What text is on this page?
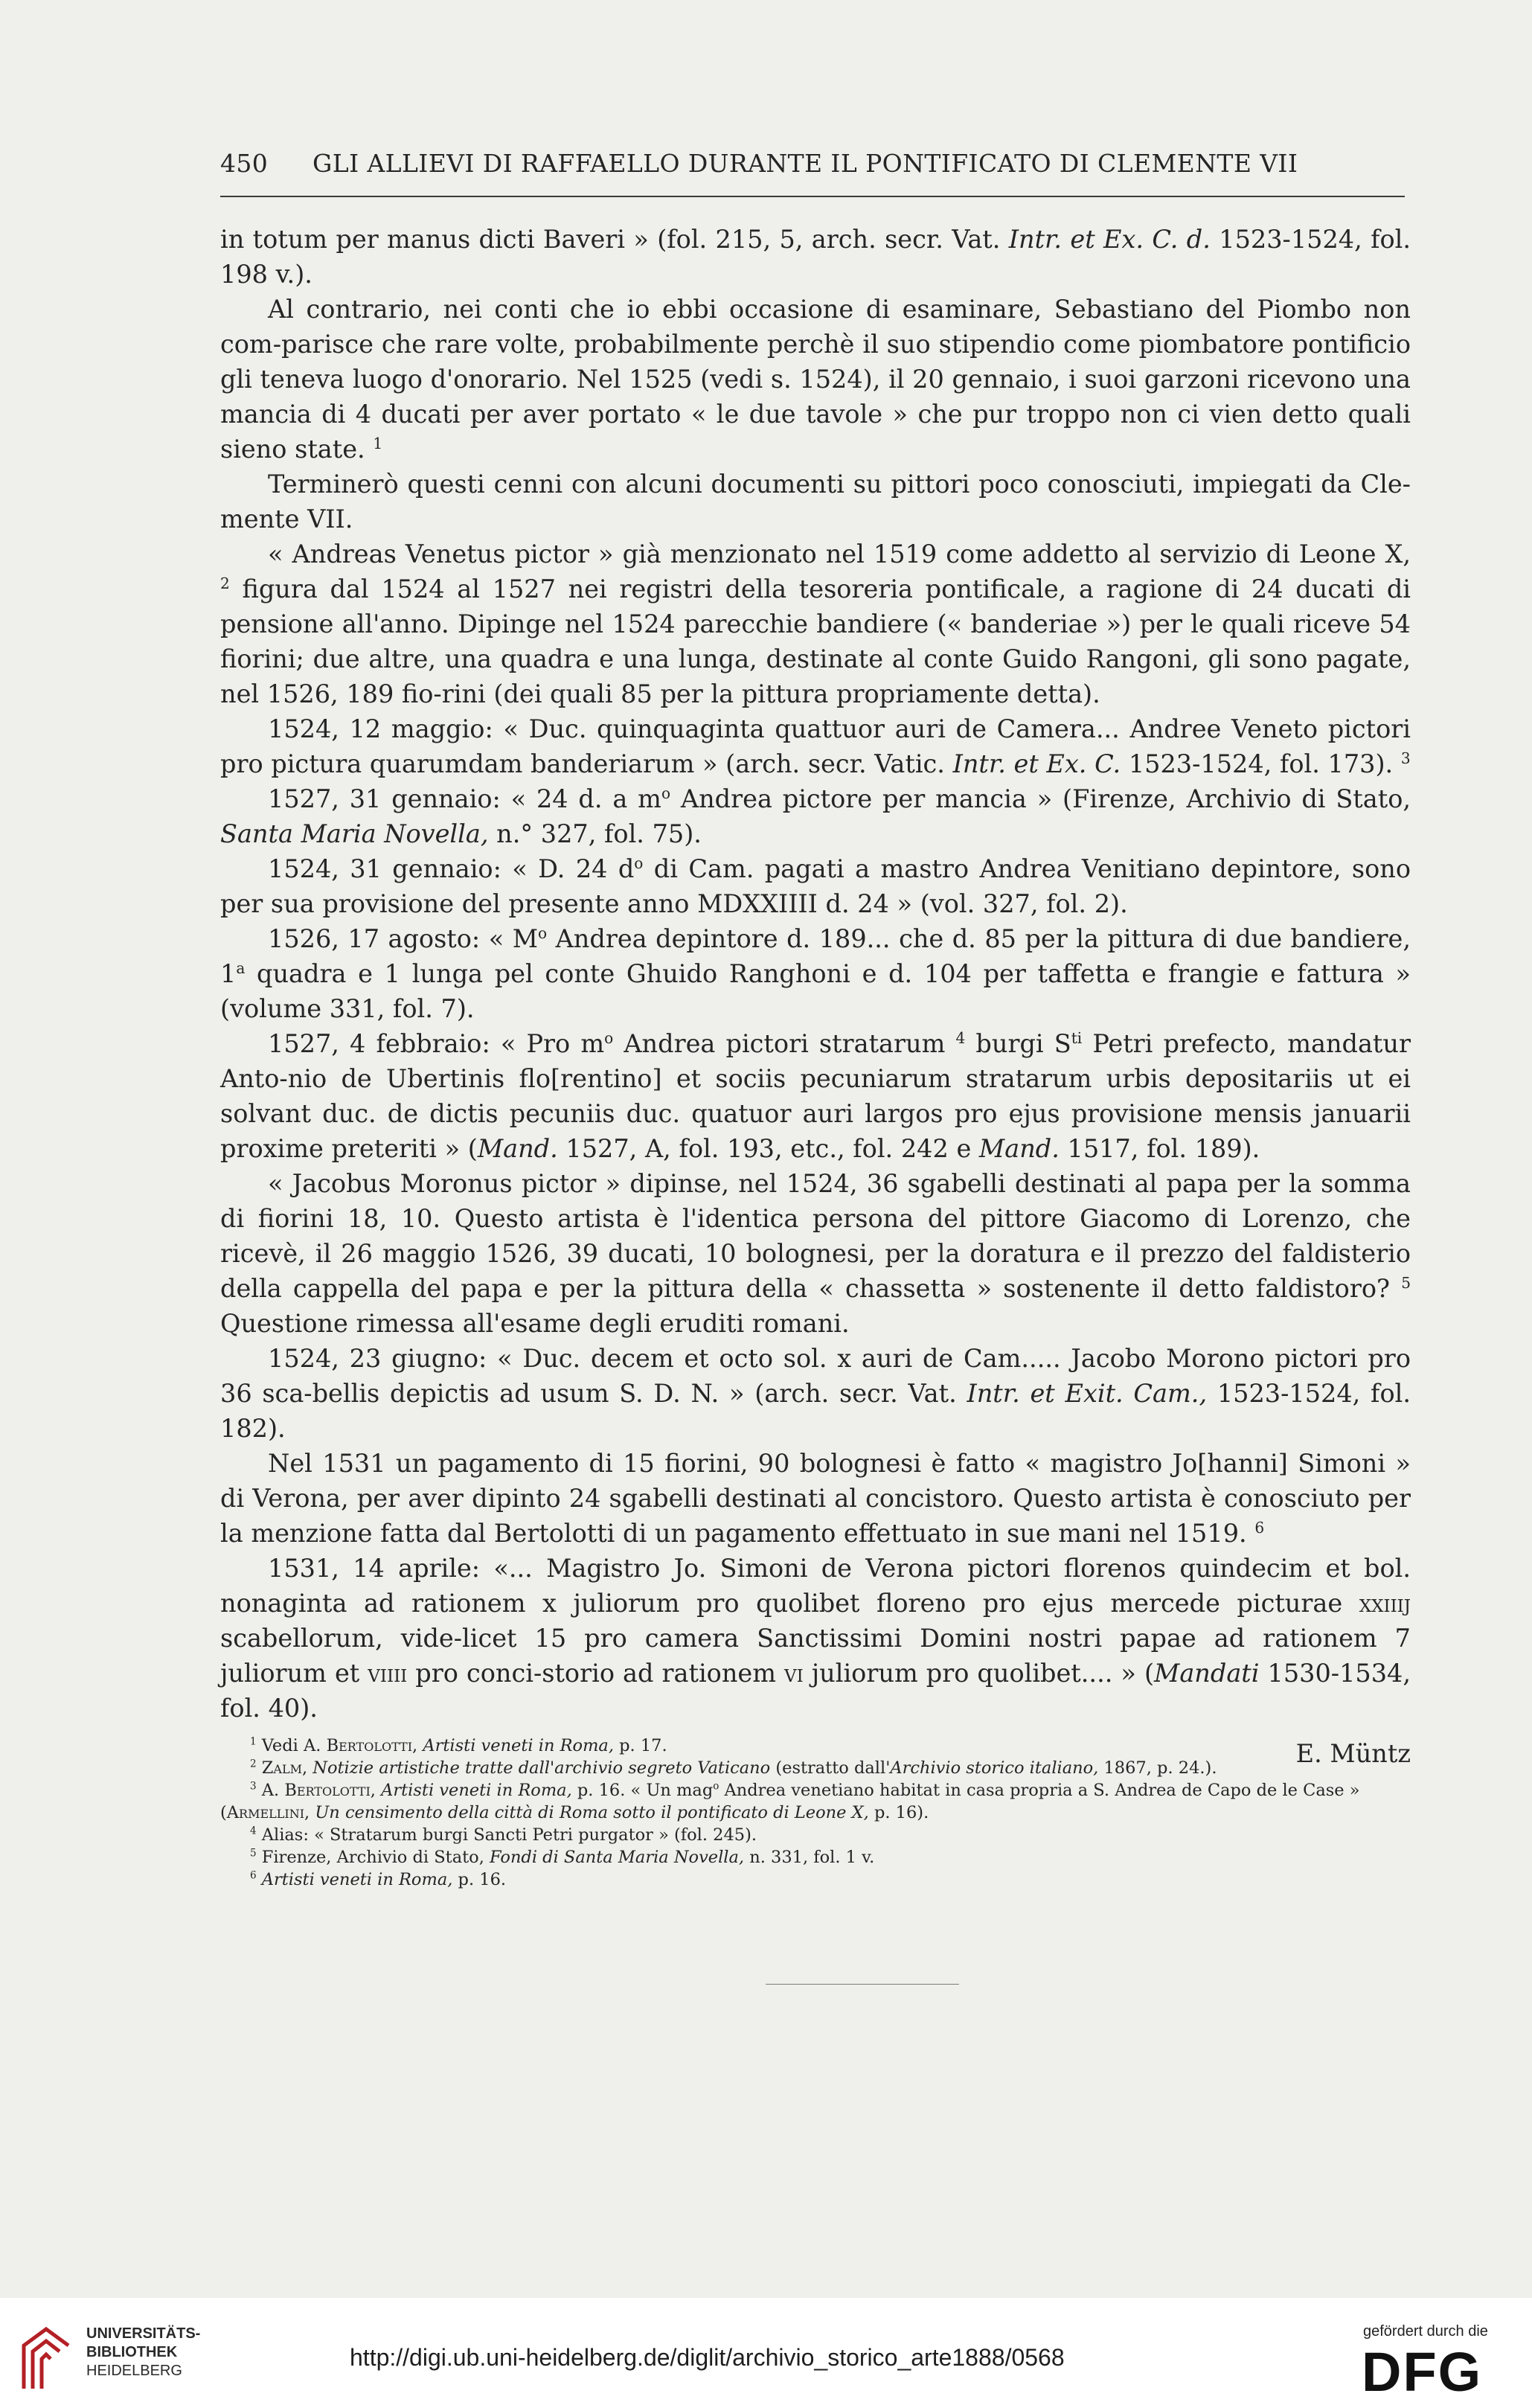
450 GLI ALLIEVI DI RAFFAELLO DURANTE IL PONTIFICATO DI CLEMENTE VII

in totum per manus dicti Baveri » (fol. 215, 5, arch. secr. Vat. Intr. et Ex. C. d. 1523-1524, fol. 198 v.).

Al contrario, nei conti che io ebbi occasione di esaminare, Sebastiano del Piombo non com-parisce che rare volte, probabilmente perchè il suo stipendio come piombatore pontificio gli teneva luogo d'onorario. Nel 1525 (vedi s. 1524), il 20 gennaio, i suoi garzoni ricevono una mancia di 4 ducati per aver portato « le due tavole » che pur troppo non ci vien detto quali sieno state. $^1$

Terminerò questi cenni con alcuni documenti su pittori poco conosciuti, impiegati da Cle-mente VII.

« Andreas Venetus pictor » già menzionato nel 1519 come addetto al servizio di Leone X, $^2$ figura dal 1524 al 1527 nei registri della tesoreria pontificale, a ragione di 24 ducati di pensione all'anno. Dipinge nel 1524 parecchie bandiere (« banderiae ») per le quali riceve 54 fiorini; due altre, una quadra e una lunga, destinate al conte Guido Rangoni, gli sono pagate, nel 1526, 189 fio-rini (dei quali 85 per la pittura propriamente detta).

1524, 12 maggio: « Duc. quinquaginta quattuor auri de Camera... Andree Veneto pictori pro pictura quarumdam banderiarum » (arch. secr. Vatic. Intr. et Ex. C. 1523-1524, fol. 173). $^3$

1527, 31 gennaio: « 24 d. a $m^o$ Andrea pictore per mancia » (Firenze, Archivio di Stato, Santa Maria Novella, n.° 327, fol. 75).

1524, 31 gennaio: « D. 24 $d^o$ di Cam. pagati a mastro Andrea Venitiano depintore, sono per sua provisione del presente anno MDXXIIII d. 24 » (vol. 327, fol. 2).

1526, 17 agosto: « $M^o$ Andrea depintore d. 189... che d. 85 per la pittura di due bandiere, 1$^a$ quadra e 1 lunga pel conte Ghuido Ranghoni e d. 104 per taffetta e frangie e fattura » (volume 331, fol. 7).

1527, 4 febbraio: « Pro $m^o$ Andrea pictori stratarum $^4$ burgi $S^{ti}$ Petri prefecto, mandatur Anto-nio de Ubertinis flo[rentino] et sociis pecuniarum stratarum urbis depositariis ut ei solvant duc. de dictis pecuniis duc. quatuor auri largos pro ejus provisione mensis januarii proxime preteriti » (Mand. 1527, A, fol. 193, etc., fol. 242 e Mand. 1517, fol. 189).

« Jacobus Moronus pictor » dipinse, nel 1524, 36 sgabelli destinati al papa per la somma di fiorini 18, 10. Questo artista è l'identica persona del pittore Giacomo di Lorenzo, che ricevè, il 26 maggio 1526, 39 ducati, 10 bolognesi, per la doratura e il prezzo del faldisterio della cappella del papa e per la pittura della « chassetta » sostenente il detto faldistoro? $^5$ Questione rimessa all'esame degli eruditi romani.

1524, 23 giugno: « Duc. decem et octo sol. x auri de Cam..... Jacobo Morono pictori pro 36 sca-bellis depictis ad usum S. D. N. » (arch. secr. Vat. Intr. et Exit. Cam., 1523-1524, fol. 182).

Nel 1531 un pagamento di 15 fiorini, 90 bolognesi è fatto « magistro Jo[hanni] Simoni » di Verona, per aver dipinto 24 sgabelli destinati al concistoro. Questo artista è conosciuto per la menzione fatta dal Bertolotti di un pagamento effettuato in sue mani nel 1519. $^6$

1531, 14 aprile: «... Magistro Jo. Simoni de Verona pictori florenos quindecim et bol. nonaginta ad rationem x juliorum pro quolibet floreno pro ejus mercede picturae xxiiij scabellorum, vide-licet 15 pro camera Sanctissimi Domini nostri papae ad rationem 7 juliorum et viiii pro conci-storio ad rationem vi juliorum pro quolibet.... » (Mandati 1530-1534, fol. 40).

E. Müntz

$^1$ Vedi A. Bertolotti, Artisti veneti in Roma, p. 17.

$^2$ Zalm, Notizie artistiche tratte dall'archivio segreto Vaticano (estratto dall'Archivio storico italiano, 1867, p. 24.).

$^3$ A. Bertolotti, Artisti veneti in Roma, p. 16. « Un mag$^o$ Andrea venetiano habitat in casa propria a S. Andrea de Capo de le Case » (Armellini, Un censimento della città di Roma sotto il pontificato di Leone X, p. 16).

$^4$ Alias: « Stratarum burgi Sancti Petri purgator » (fol. 245).

$^5$ Firenze, Archivio di Stato, Fondi di Santa Maria Novella, n. 331, fol. 1 v.

$^6$ Artisti veneti in Roma, p. 16.

UNIVERSITÄTS-
BIBLIOTHEK
HEIDELBERG	http://digi.ub.uni-heidelberg.de/diglit/archivio_storico_arte1888/0568
gefördert durch die
DFG
